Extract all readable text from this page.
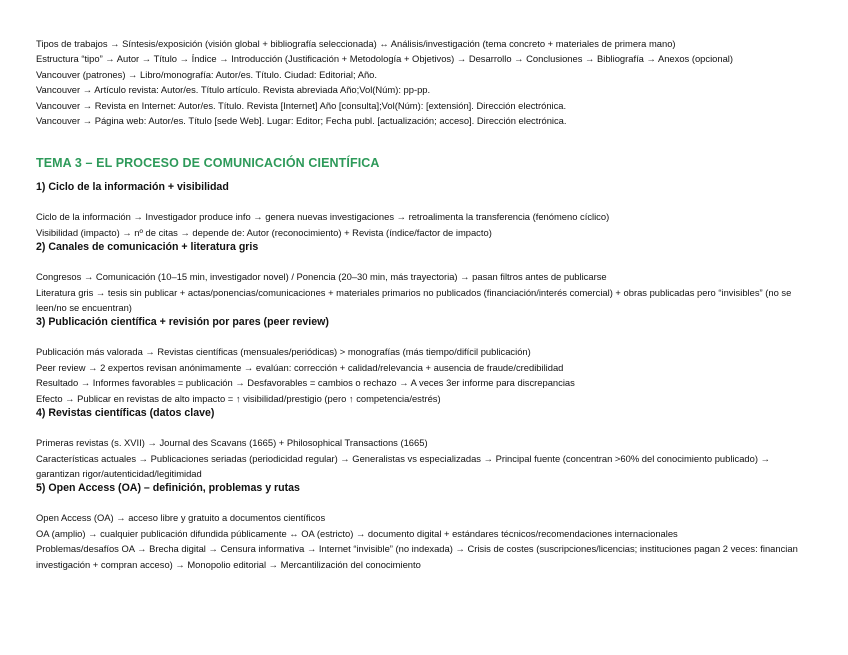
Tipos de trabajos → Síntesis/exposición (visión global + bibliografía seleccionada) ↔ Análisis/investigación (tema concreto + materiales de primera mano)

Estructura “tipo” → Autor → Título → Índice → Introducción (Justificación + Metodología + Objetivos) → Desarrollo → Conclusiones → Bibliografía → Anexos (opcional)

Vancouver (patrones) → Libro/monografía: Autor/es. Título. Ciudad: Editorial; Año.

Vancouver → Artículo revista: Autor/es. Título artículo. Revista abreviada Año;Vol(Núm): pp-pp.

Vancouver → Revista en Internet: Autor/es. Título. Revista [Internet] Año [consulta];Vol(Núm): [extensión]. Dirección electrónica.

Vancouver → Página web: Autor/es. Título [sede Web]. Lugar: Editor; Fecha publ. [actualización; acceso]. Dirección electrónica.

TEMA 3 – EL PROCESO DE COMUNICACIÓN CIENTÍFICA
1) Ciclo de la información + visibilidad

Ciclo de la información → Investigador produce info → genera nuevas investigaciones → retroalimenta la transferencia (fenómeno cíclico)

Visibilidad (impacto) → nº de citas → depende de: Autor (reconocimiento) + Revista (índice/factor de impacto)

2) Canales de comunicación + literatura gris

Congresos → Comunicación (10–15 min, investigador novel) / Ponencia (20–30 min, más trayectoria) → pasan filtros antes de publicarse

Literatura gris → tesis sin publicar + actas/ponencias/comunicaciones + materiales primarios no publicados (financiación/interés comercial) + obras publicadas pero “invisibles” (no se leen/no se encuentran)

3) Publicación científica + revisión por pares (peer review)

Publicación más valorada → Revistas científicas (mensuales/periódicas) > monografías (más tiempo/difícil publicación)

Peer review → 2 expertos revisan anónimamente → evalúan: corrección + calidad/relevancia + ausencia de fraude/credibilidad

Resultado → Informes favorables = publicación → Desfavorables = cambios o rechazo → A veces 3er informe para discrepancias

Efecto → Publicar en revistas de alto impacto = ↑ visibilidad/prestigio (pero ↑ competencia/estrés)

4) Revistas científicas (datos clave)

Primeras revistas (s. XVII) → Journal des Scavans (1665) + Philosophical Transactions (1665)

Características actuales → Publicaciones seriadas (periodicidad regular) → Generalistas vs especializadas → Principal fuente (concentran >60% del conocimiento publicado) → garantizan rigor/autenticidad/legitimidad

5) Open Access (OA) – definición, problemas y rutas

Open Access (OA) → acceso libre y gratuito a documentos científicos

OA (amplio) → cualquier publicación difundida públicamente ↔ OA (estricto) → documento digital + estándares técnicos/recomendaciones internacionales

Problemas/desafíos OA → Brecha digital → Censura informativa → Internet “invisible” (no indexada) → Crisis de costes (suscripciones/licencias; instituciones pagan 2 veces: financian investigación + compran acceso) → Monopolio editorial → Mercantilización del conocimiento
